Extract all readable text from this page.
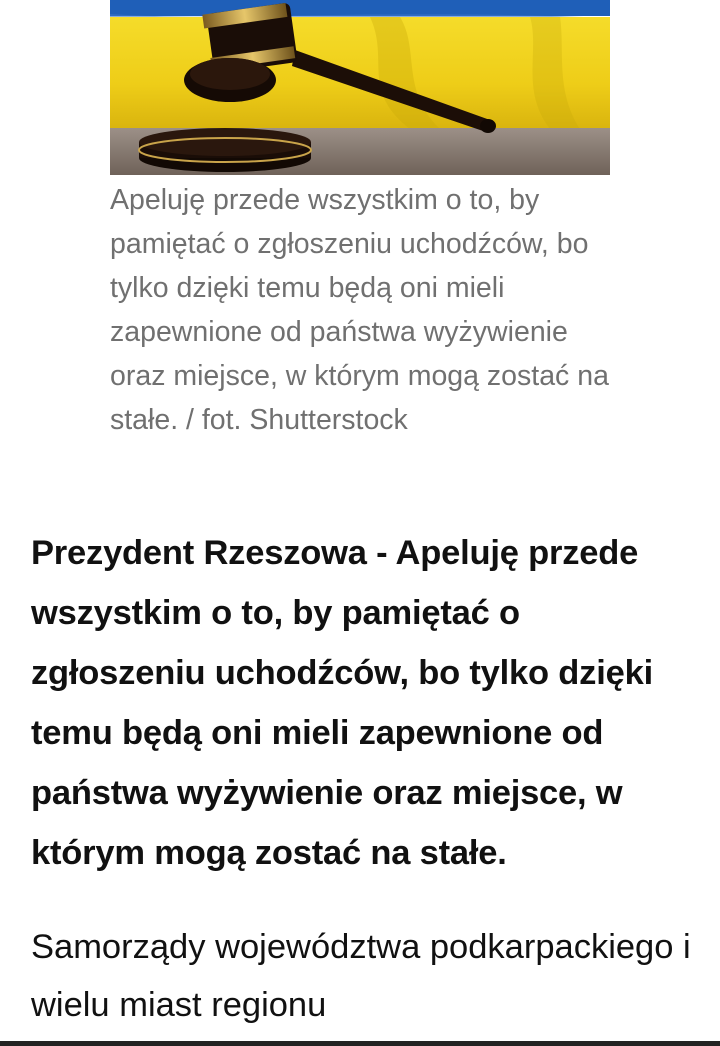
Apeluję przede wszystkim o to, by pamiętać o zgłoszeniu uchodźców, bo tylko dzięki temu będą oni mieli zapewnione od państwa wyżywienie oraz miejsce, w którym mogą zostać na stałe. / fot. Shutterstock

Prezydent Rzeszowa - Apeluję przede wszystkim o to, by pamiętać o zgłoszeniu uchodźców, bo tylko dzięki temu będą oni mieli zapewnione od państwa wyżywienie oraz miejsce, w którym mogą zostać na stałe.

Samorządy województwa podkarpackiego i wielu miast regionu
